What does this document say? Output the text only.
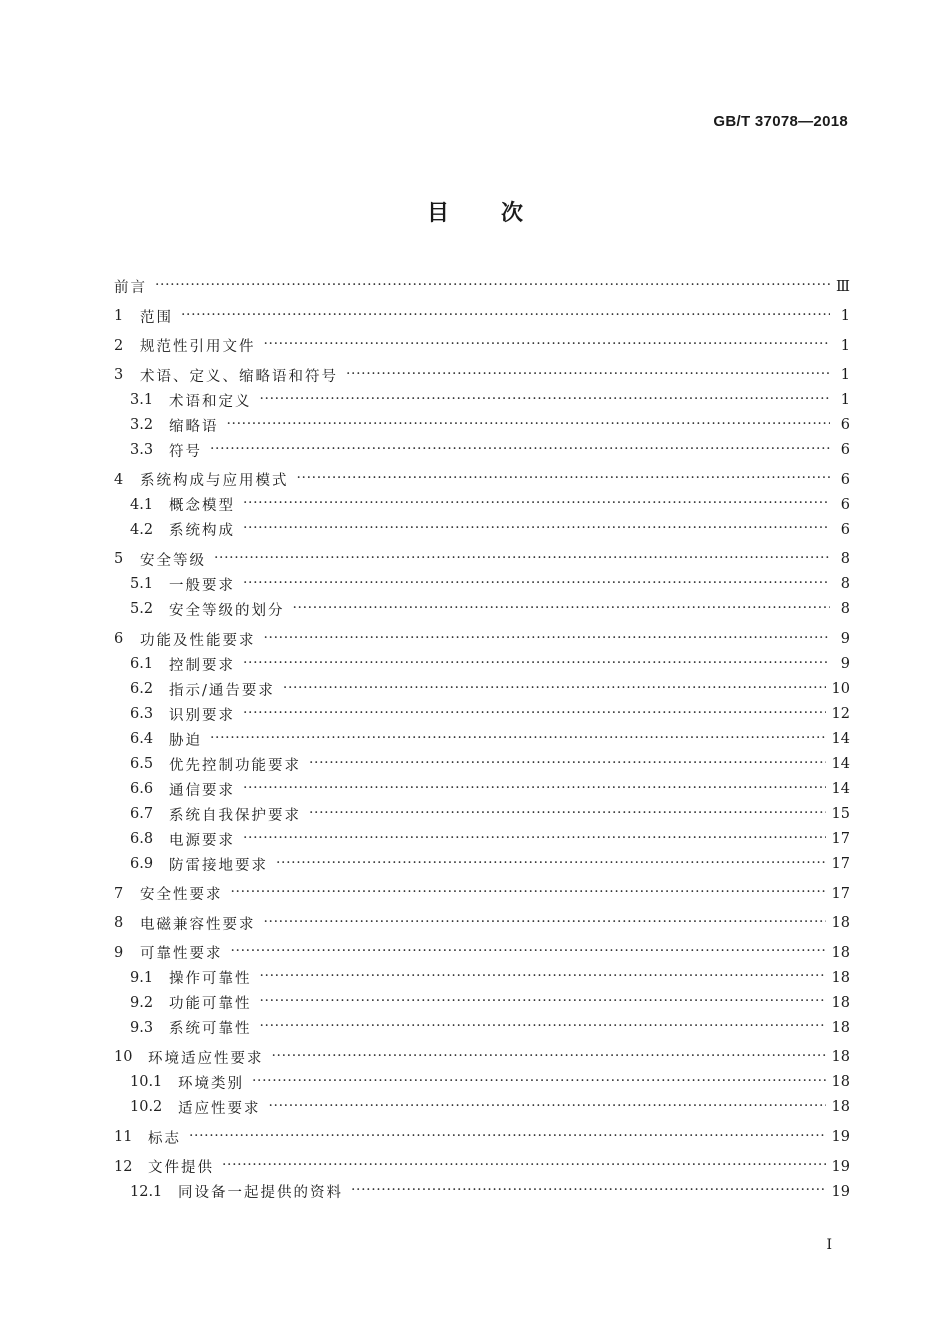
GB/T 37078—2018
目次
前言 ·····	Ⅲ
1	范围 ·····	1
2	规范性引用文件 ·····	1
3	术语、定义、缩略语和符号 ·····	1
3.1	术语和定义 ·····	1
3.2	缩略语 ·····	6
3.3	符号 ·····	6
4	系统构成与应用模式 ·····	6
4.1	概念模型 ·····	6
4.2	系统构成 ·····	6
5	安全等级 ·····	8
5.1	一般要求 ·····	8
5.2	安全等级的划分 ·····	8
6	功能及性能要求 ·····	9
6.1	控制要求 ·····	9
6.2	指示/通告要求 ·····	10
6.3	识别要求 ·····	12
6.4	胁迫 ·····	14
6.5	优先控制功能要求 ·····	14
6.6	通信要求 ·····	14
6.7	系统自我保护要求 ·····	15
6.8	电源要求 ·····	17
6.9	防雷接地要求 ·····	17
7	安全性要求 ·····	17
8	电磁兼容性要求 ·····	18
9	可靠性要求 ·····	18
9.1	操作可靠性 ·····	18
9.2	功能可靠性 ·····	18
9.3	系统可靠性 ·····	18
10	环境适应性要求 ·····	18
10.1	环境类别 ·····	18
10.2	适应性要求 ·····	18
11	标志 ·····	19
12	文件提供 ·····	19
12.1	同设备一起提供的资料 ·····	19
Ⅰ
